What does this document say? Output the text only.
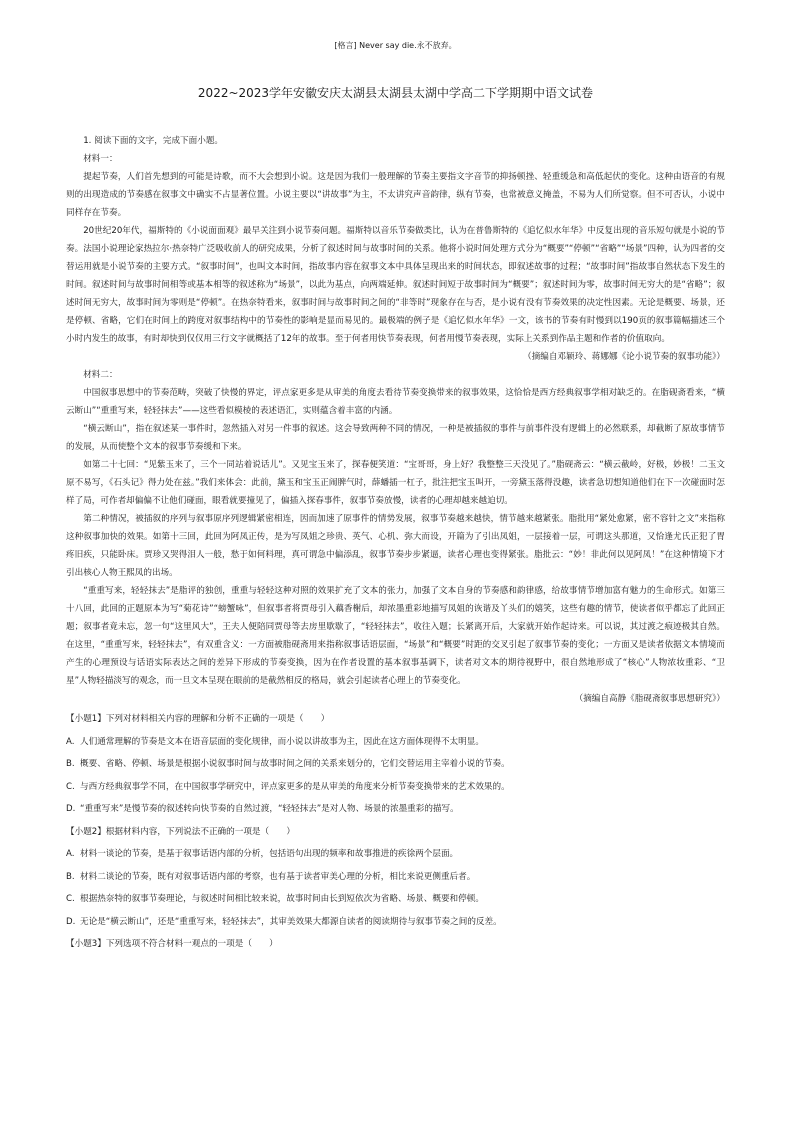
[格言] Never say die.永不放弃。
2022~2023学年安徽安庆太湖县太湖县太湖中学高二下学期期中语文试卷

1. 阅读下面的文字，完成下面小题。

材料一：

提起节奏，人们首先想到的可能是诗歌，而不大会想到小说。这是因为我们一般理解的节奏主要指文字音节的抑扬顿挫、轻重缓急和高低起伏的变化。这种由语音的有规则的出现造成的节奏感在叙事文中确实不占显著位置。小说主要以“讲故事”为主，不太讲究声音韵律，纵有节奏，也常被意义掩盖，不易为人们所觉察。但不可否认，小说中同样存在节奏。

20世纪20年代，福斯特的《小说面面观》最早关注到小说节奏问题。福斯特以音乐节奏做类比，认为在普鲁斯特的《追忆似水年华》中反复出现的音乐短句就是小说的节奏。法国小说理论家热拉尔·热奈特广泛吸收前人的研究成果，分析了叙述时间与故事时间的关系。他将小说时间处理方式分为“概要”“停顿”“省略”“场景”四种，认为四者的交替运用就是小说节奏的主要方式。“叙事时间”，也叫文本时间，指故事内容在叙事文本中具体呈现出来的时间状态，即叙述故事的过程；“故事时间”指故事自然状态下发生的时间。叙述时间与故事时间相等或基本相等的叙述称为“场景”，以此为基点，向两端延伸。叙述时间短于故事时间为“概要”；叙述时间为零，故事时间无穷大的是“省略”；叙述时间无穷大，故事时间为零则是“停顿”。在热奈特看来，叙事时间与故事时间之间的“非等时”现象存在与否，是小说有没有节奏效果的决定性因素。无论是概要、场景，还是停顿、省略，它们在时间上的跨度对叙事结构中的节奏性的影响是显而易见的。最极端的例子是《追忆似水年华》一文，该书的节奏有时慢到以190页的叙事篇幅描述三个小时内发生的故事，有时却快到仅仅用三行文字就概括了12年的故事。至于何者用快节奏表现，何者用慢节奏表现，实际上关系到作品主题和作者的价值取向。

（摘编自邓颖玲、蒋娜娜《论小说节奏的叙事功能》）

材料二：

中国叙事思想中的节奏范畴，突破了快慢的界定，评点家更多是从审美的角度去看待节奏变换带来的叙事效果，这恰恰是西方经典叙事学相对缺乏的。在脂砚斋看来，“横云断山”“重重写来，轻轻抹去”——这些看似模棱的表述语汇，实则蕴含着丰富的内涵。

“横云断山”，指在叙述某一事件时，忽然插入对另一件事的叙述。这会导致两种不同的情况，一种是被插叙的事件与前事件没有逻辑上的必然联系，却截断了原故事情节的发展，从而使整个文本的叙事节奏缓和下来。

如第二十七回：“见紫玉来了，三个一同站着说话儿”。又见宝玉来了，探春便笑道：“宝哥哥，身上好？我整整三天没见了。”脂砚斋云：“横云截岭，好极，妙极！二玉文原不易写，《石头记》得力处在兹。”我们来体会：此前，黛玉和宝玉正闹脾气时，薛蟠插一杠子，批注把宝玉叫开，一旁黛玉落得没趣，读者急切想知道他们在下一次碰面时怎样了局，可作者却偏偏不让他们碰面，眼看就要撞见了，偏插入探春事件，叙事节奏放慢，读者的心理却越来越迫切。

第二种情况，被插叙的序列与叙事原序列逻辑紧密相连，因而加速了原事件的情势发展，叙事节奏越来越快，情节越来越紧张。脂批用“紧处愈紧，密不容针之文”来指称这种叙事加快的效果。如第十三回，此回为阿凤正传，是为写凤姐之珍贵、英气、心机、弥大而设，开篇为了引出凤姐，一层接着一层，可谓这头那道，又恰逢尤氏正犯了胃疼旧疾，只能卧床。贾珍又哭得泪人一般，愁于如何料理，真可谓急中偏添乱，叙事节奏步步紧逼，读者心理也变得紧张。脂批云：“妙！非此何以见阿凤！”在这种情境下才引出核心人物王熙凤的出场。

“重重写来，轻轻抹去”是脂评的独创，重重与轻轻这种对照的效果扩充了文本的张力，加强了文本自身的节奏感和韵律感，给故事情节增加富有魅力的生命形式。如第三十八回，此回的正题原本为写“菊花诗”“螃蟹咏”，但叙事者将贾母引入藕香榭后，却浓墨重彩地描写凤姐的诙谐及丫头们的嬉笑，这些有趣的情节，使读者似乎都忘了此回正题；叙事者竟未忘，忽一句“这里风大”，王夫人便陪同贾母等去房里歇歇了，“轻轻抹去”，收往入题；长紧离开后，大家就开始作起诗来。可以说，其过渡之痕迹极其自然。在这里，“重重写来，轻轻抹去”，有双重含义：一方面被脂砚斋用来指称叙事话语层面，“场景”和“概要”时距的交叉引起了叙事节奏的变化；一方面又是读者依据文本情境而产生的心理预设与话语实际表达之间的差异下形成的节奏变换，因为在作者设置的基本叙事基调下，读者对文本的期待视野中，很自然地形成了“核心”人物浓妆重彩、“卫星”人物轻描淡写的观念，而一旦文本呈现在眼前的是截然相反的格局，就会引起读者心理上的节奏变化。

（摘编自高静《脂砚斋叙事思想研究》）

【小题1】下列对材料相关内容的理解和分析不正确的一项是（　　）

A. 人们通常理解的节奏是文本在语音层面的变化规律，而小说以讲故事为主，因此在这方面体现得不太明显。

B. 概要、省略、停顿、场景是根据小说叙事时间与故事时间之间的关系来划分的，它们交替运用主宰着小说的节奏。

C. 与西方经典叙事学不同，在中国叙事学研究中，评点家更多的是从审美的角度来分析节奏变换带来的艺术效果的。

D. “重重写来”是慢节奏的叙述转向快节奏的自然过渡，“轻轻抹去”是对人物、场景的浓墨重彩的描写。

【小题2】根据材料内容，下列说法不正确的一项是（　　）

A. 材料一谈论的节奏，是基于叙事话语内部的分析，包括语句出现的频率和故事推进的疾徐两个层面。

B. 材料二谈论的节奏，既有对叙事话语内部的考察，也有基于读者审美心理的分析，相比来说更侧重后者。

C. 根据热奈特的叙事节奏理论，与叙述时间相比较来说，故事时间由长到短依次为省略、场景、概要和停顿。

D. 无论是“横云断山”，还是“重重写来，轻轻抹去”，其审美效果大都源自读者的阅读期待与叙事节奏之间的反差。

【小题3】下列选项不符合材料一观点的一项是（　　）
